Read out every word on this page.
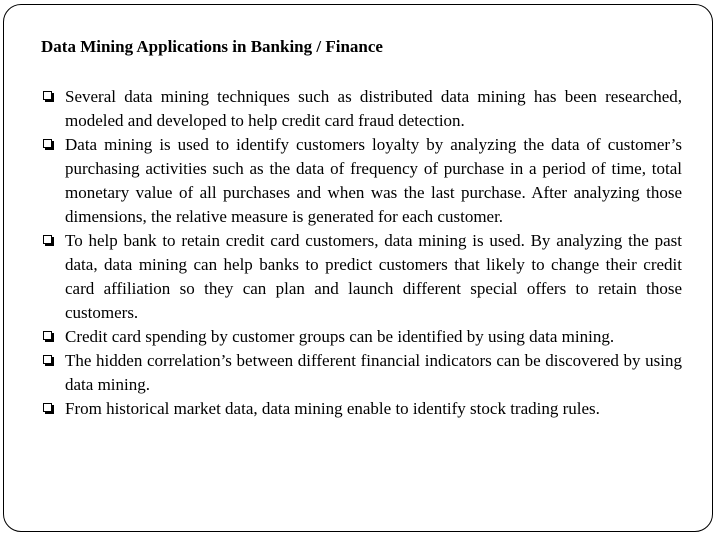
Data Mining Applications in Banking / Finance
Several data mining techniques such as distributed data mining has been researched, modeled and developed to help credit card fraud detection.
Data mining is used to identify customers loyalty by analyzing the data of customer’s purchasing activities such as the data of frequency of purchase in a period of time, total monetary value of all purchases and when was the last purchase. After analyzing those dimensions, the relative measure is generated for each customer.
To help bank to retain credit card customers, data mining is used. By analyzing the past data, data mining can help banks to predict customers that likely to change their credit card affiliation so they can plan and launch different special offers to retain those customers.
Credit card spending by customer groups can be identified by using data mining.
The hidden correlation’s between different financial indicators can be discovered by using data mining.
From historical market data, data mining enable to identify stock trading rules.
